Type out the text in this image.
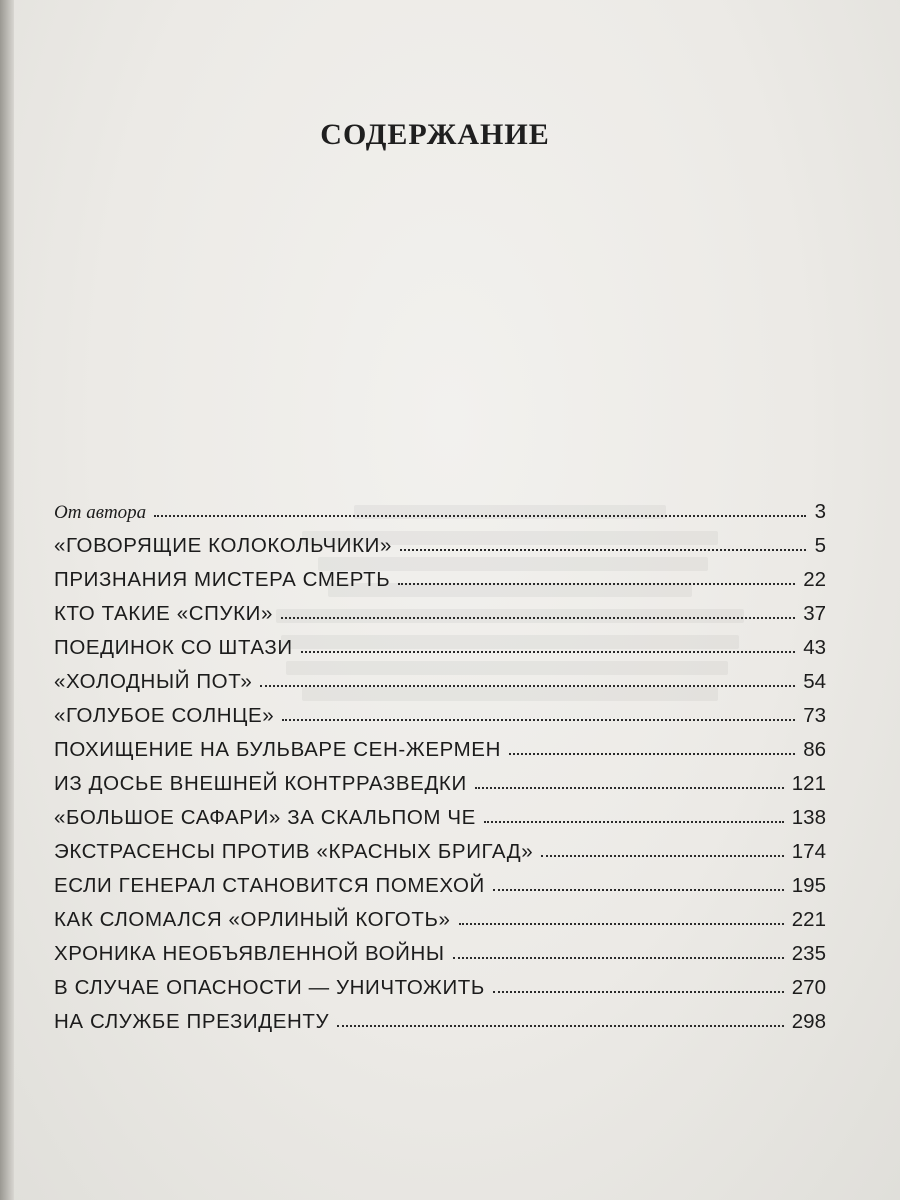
СОДЕРЖАНИЕ
От автора	3
«ГОВОРЯЩИЕ КОЛОКОЛЬЧИКИ»	5
ПРИЗНАНИЯ МИСТЕРА СМЕРТЬ	22
КТО ТАКИЕ «СПУКИ»	37
ПОЕДИНОК СО ШТАЗИ	43
«ХОЛОДНЫЙ ПОТ»	54
«ГОЛУБОЕ СОЛНЦЕ»	73
ПОХИЩЕНИЕ НА БУЛЬВАРЕ СЕН-ЖЕРМЕН	86
ИЗ ДОСЬЕ ВНЕШНЕЙ КОНТРРАЗВЕДКИ	121
«БОЛЬШОЕ САФАРИ» ЗА СКАЛЬПОМ ЧЕ	138
ЭКСТРАСЕНСЫ ПРОТИВ «КРАСНЫХ БРИГАД»	174
ЕСЛИ ГЕНЕРАЛ СТАНОВИТСЯ ПОМЕХОЙ	195
КАК СЛОМАЛСЯ «ОРЛИНЫЙ КОГОТЬ»	221
ХРОНИКА НЕОБЪЯВЛЕННОЙ ВОЙНЫ	235
В СЛУЧАЕ ОПАСНОСТИ — УНИЧТОЖИТЬ	270
НА СЛУЖБЕ ПРЕЗИДЕНТУ	298
